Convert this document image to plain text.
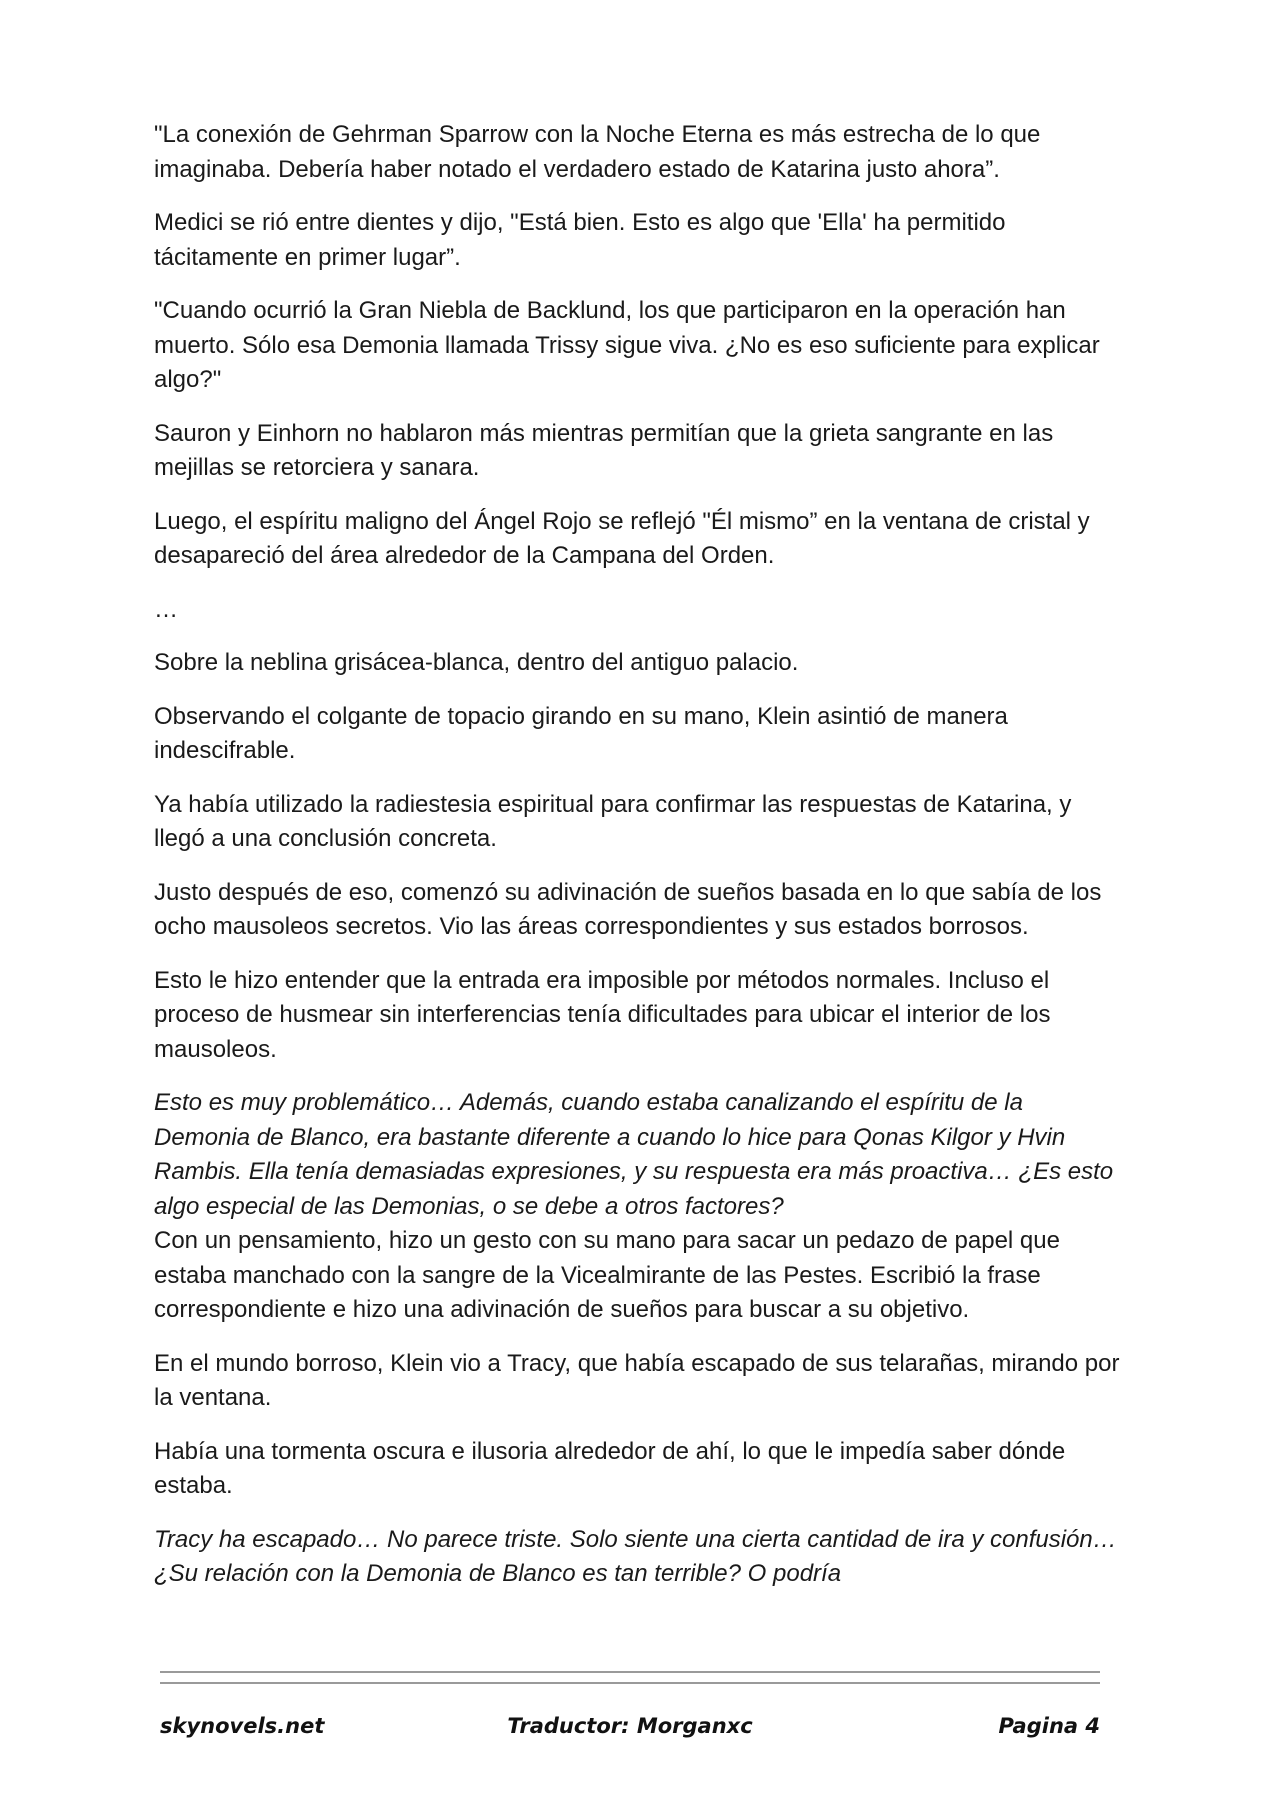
"La conexión de Gehrman Sparrow con la Noche Eterna es más estrecha de lo que imaginaba. Debería haber notado el verdadero estado de Katarina justo ahora”.

Medici se rió entre dientes y dijo, "Está bien. Esto es algo que 'Ella' ha permitido tácitamente en primer lugar”.

"Cuando ocurrió la Gran Niebla de Backlund, los que participaron en la operación han muerto. Sólo esa Demonia llamada Trissy sigue viva. ¿No es eso suficiente para explicar algo?"

Sauron y Einhorn no hablaron más mientras permitían que la grieta sangrante en las mejillas se retorciera y sanara.

Luego, el espíritu maligno del Ángel Rojo se reflejó "Él mismo” en la ventana de cristal y desapareció del área alrededor de la Campana del Orden.

…

Sobre la neblina grisácea-blanca, dentro del antiguo palacio.

Observando el colgante de topacio girando en su mano, Klein asintió de manera indescifrable.

Ya había utilizado la radiestesia espiritual para confirmar las respuestas de Katarina, y llegó a una conclusión concreta.

Justo después de eso, comenzó su adivinación de sueños basada en lo que sabía de los ocho mausoleos secretos. Vio las áreas correspondientes y sus estados borrosos.

Esto le hizo entender que la entrada era imposible por métodos normales. Incluso el proceso de husmear sin interferencias tenía dificultades para ubicar el interior de los mausoleos.

Esto es muy problemático… Además, cuando estaba canalizando el espíritu de la Demonia de Blanco, era bastante diferente a cuando lo hice para Qonas Kilgor y Hvin Rambis. Ella tenía demasiadas expresiones, y su respuesta era más proactiva… ¿Es esto algo especial de las Demonias, o se debe a otros factores?

Con un pensamiento, hizo un gesto con su mano para sacar un pedazo de papel que estaba manchado con la sangre de la Vicealmirante de las Pestes. Escribió la frase correspondiente e hizo una adivinación de sueños para buscar a su objetivo.

En el mundo borroso, Klein vio a Tracy, que había escapado de sus telarañas, mirando por la ventana.

Había una tormenta oscura e ilusoria alrededor de ahí, lo que le impedía saber dónde estaba.

Tracy ha escapado… No parece triste. Solo siente una cierta cantidad de ira y confusión… ¿Su relación con la Demonia de Blanco es tan terrible? O podría

skynovels.net	Traductor: Morganxc	Pagina 4
